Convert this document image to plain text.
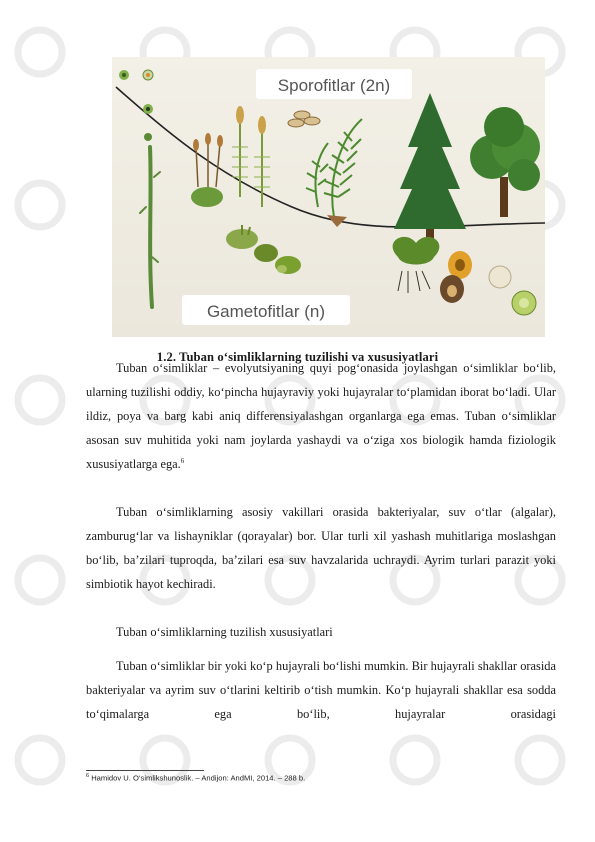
Sporofitlar (2n)
Gametofitlar (n)
1.2. Tuban o‘simliklarning tuzilishi va xususiyatlari

Tuban o‘simliklar – evolyutsiyaning quyi pog‘onasida joylashgan o‘simliklar bo‘lib, ularning tuzilishi oddiy, ko‘pincha hujayraviy yoki hujayralar to‘plamidan iborat bo‘ladi. Ular ildiz, poya va barg kabi aniq differensiyalashgan organlarga ega emas. Tuban o‘simliklar asosan suv muhitida yoki nam joylarda yashaydi va o‘ziga xos biologik hamda fiziologik xususiyatlarga ega.$^6$

Tuban o‘simliklarning asosiy vakillari orasida bakteriyalar, suv o‘tlar (algalar), zamburug‘lar va lishayniklar (qorayalar) bor. Ular turli xil yashash muhitlariga moslashgan bo‘lib, ba’zilari tuproqda, ba’zilari esa suv havzalarida uchraydi. Ayrim turlari parazit yoki simbiotik hayot kechiradi.

Tuban o‘simliklarning tuzilish xususiyatlari

Tuban o‘simliklar bir yoki ko‘p hujayrali bo‘lishi mumkin. Bir hujayrali shakllar orasida bakteriyalar va ayrim suv o‘tlarini keltirib o‘tish mumkin. Ko‘p hujayrali shakllar esa sodda to‘qimalarga ega bo‘lib, hujayralar orasidagi

$^6$ Hamidov U. O‘simlikshunoslik. – Andijon: AndMI, 2014. – 288 b.
